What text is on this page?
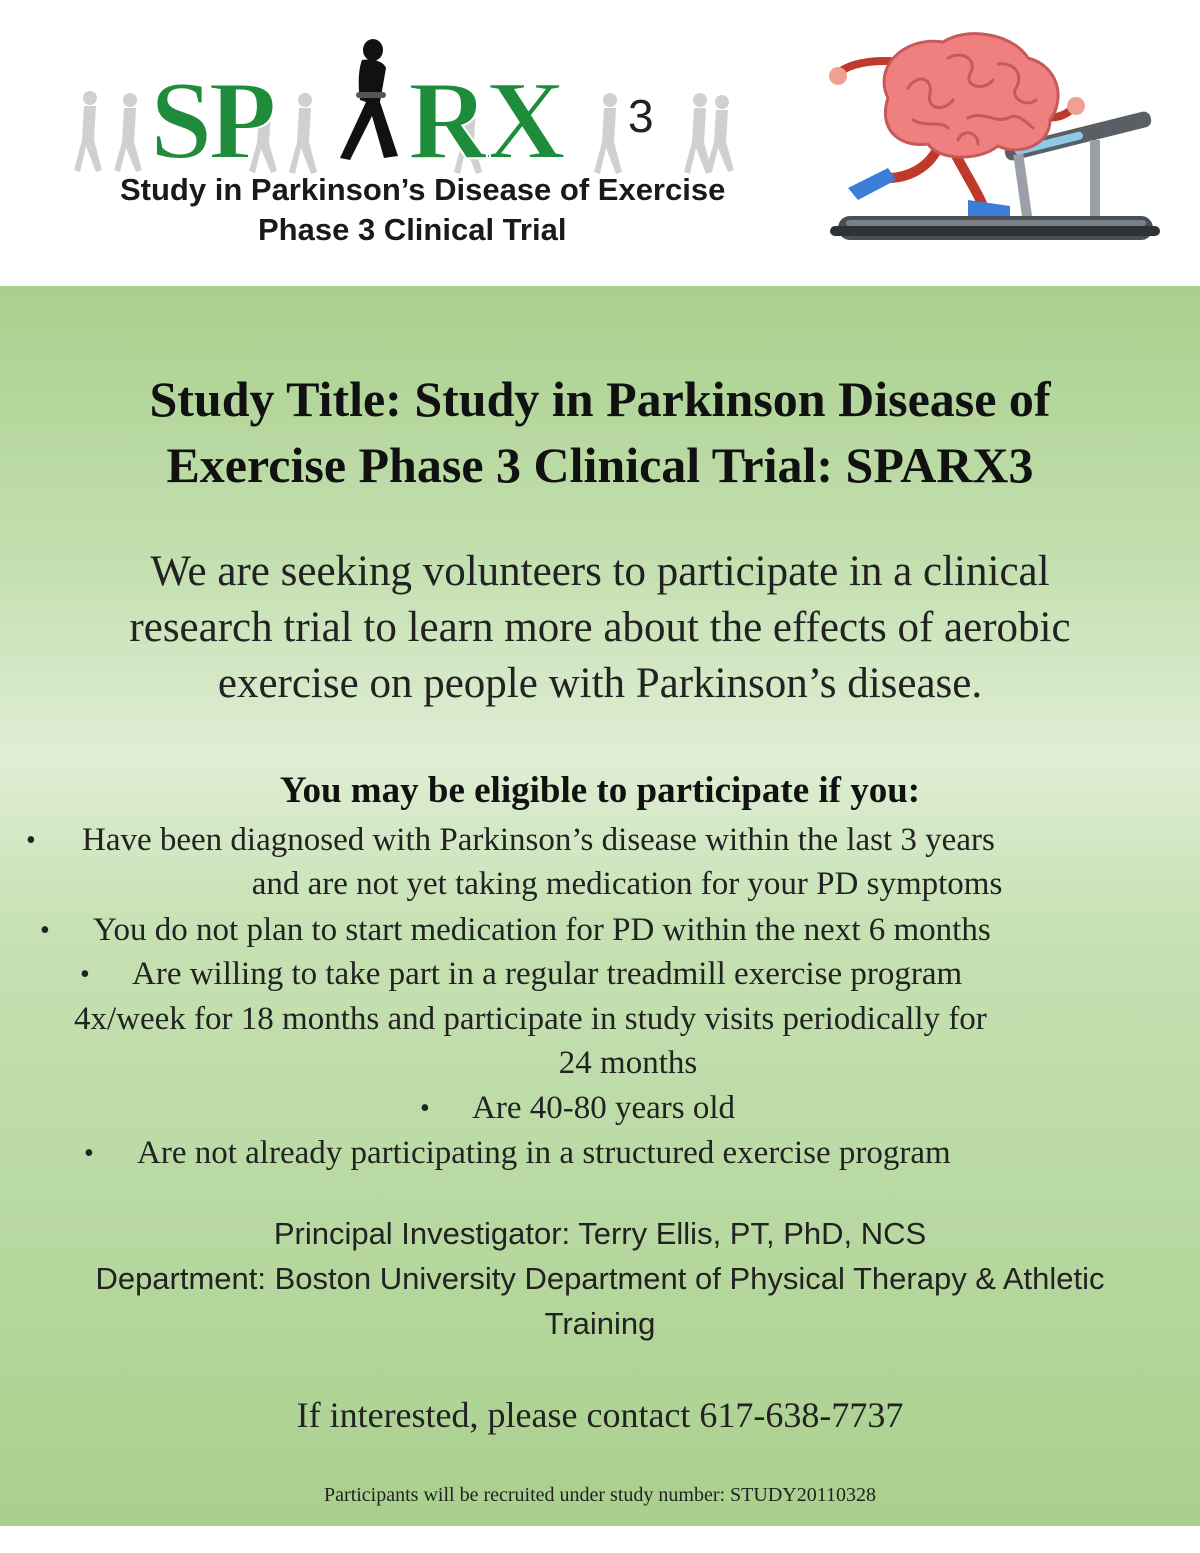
SP RX 3
Study in Parkinson’s Disease of Exercise
Phase 3 Clinical Trial
Study Title: Study in Parkinson Disease of
Exercise Phase 3 Clinical Trial: SPARX3
We are seeking volunteers to participate in a clinical
research trial to learn more about the effects of aerobic
exercise on people with Parkinson’s disease.
You may be eligible to participate if you:
• Have been diagnosed with Parkinson’s disease within the last 3 years
and are not yet taking medication for your PD symptoms
• You do not plan to start medication for PD within the next 6 months
• Are willing to take part in a regular treadmill exercise program
4x/week for 18 months and participate in study visits periodically for
24 months
• Are 40-80 years old
• Are not already participating in a structured exercise program
Principal Investigator: Terry Ellis, PT, PhD, NCS
Department: Boston University Department of Physical Therapy & Athletic
Training
If interested, please contact 617-638-7737
Participants will be recruited under study number: STUDY20110328
